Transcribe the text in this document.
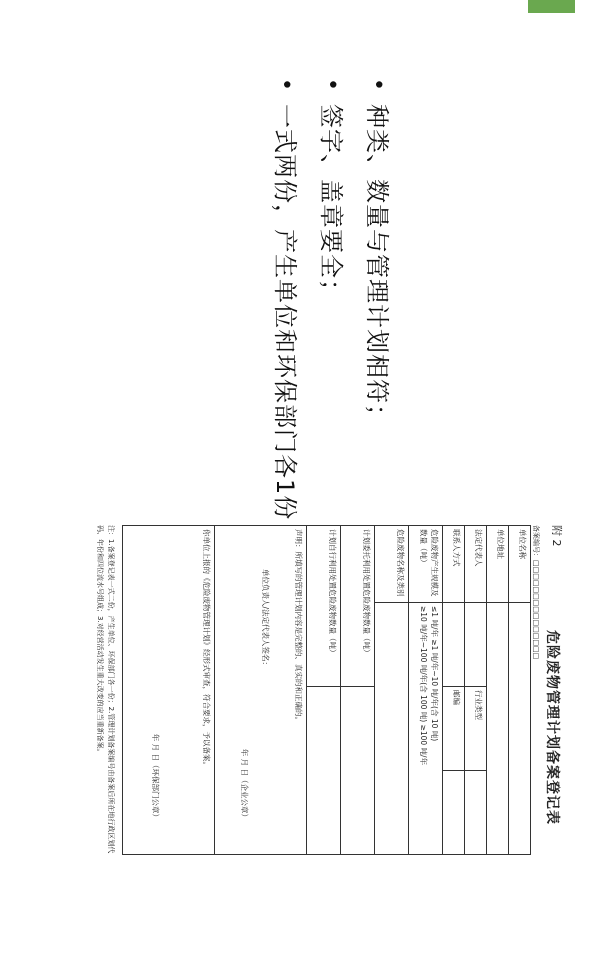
• 种类、数量与管理计划相符；
• 签字、盖章要全；
• 一式两份，产生单位和环保部门各1份
附 2
危险废物管理计划备案登记表
备案编号：□□□□□□□□□□□□□□□
单位名称			
单位地址			
法定代表人		行业类型	
联系人方式		邮编	
危险废物产生规模及数量（吨）	≤1 吨/年 ≥1 吨/年~10 吨/年(含 10 吨)
≥10 吨/年~100 吨/年(含 100 吨) ≥100 吨/年		

危险废物名称及类别			
计划委托利用处置危险废物数量（吨）			
计划自行利用处置危险废物数量（吨）			

声明：所填写的管理计划内容是完整的、真实的和正确的。
单位负责人/法定代表人签名：
年 月 日（企业公章）			

你单位上报的《危险废物管理计划》经形式审查，符合要求，予以备案。
年 月 日（环保部门公章）			
注：1.备案登记表一式二份，产生单位、环保部门各一份；2.管理计划备案编号由备案后所在地行政区划代码、年份和四位流水号组成；3.对经营活动发生重大改变的应当重新备案。
